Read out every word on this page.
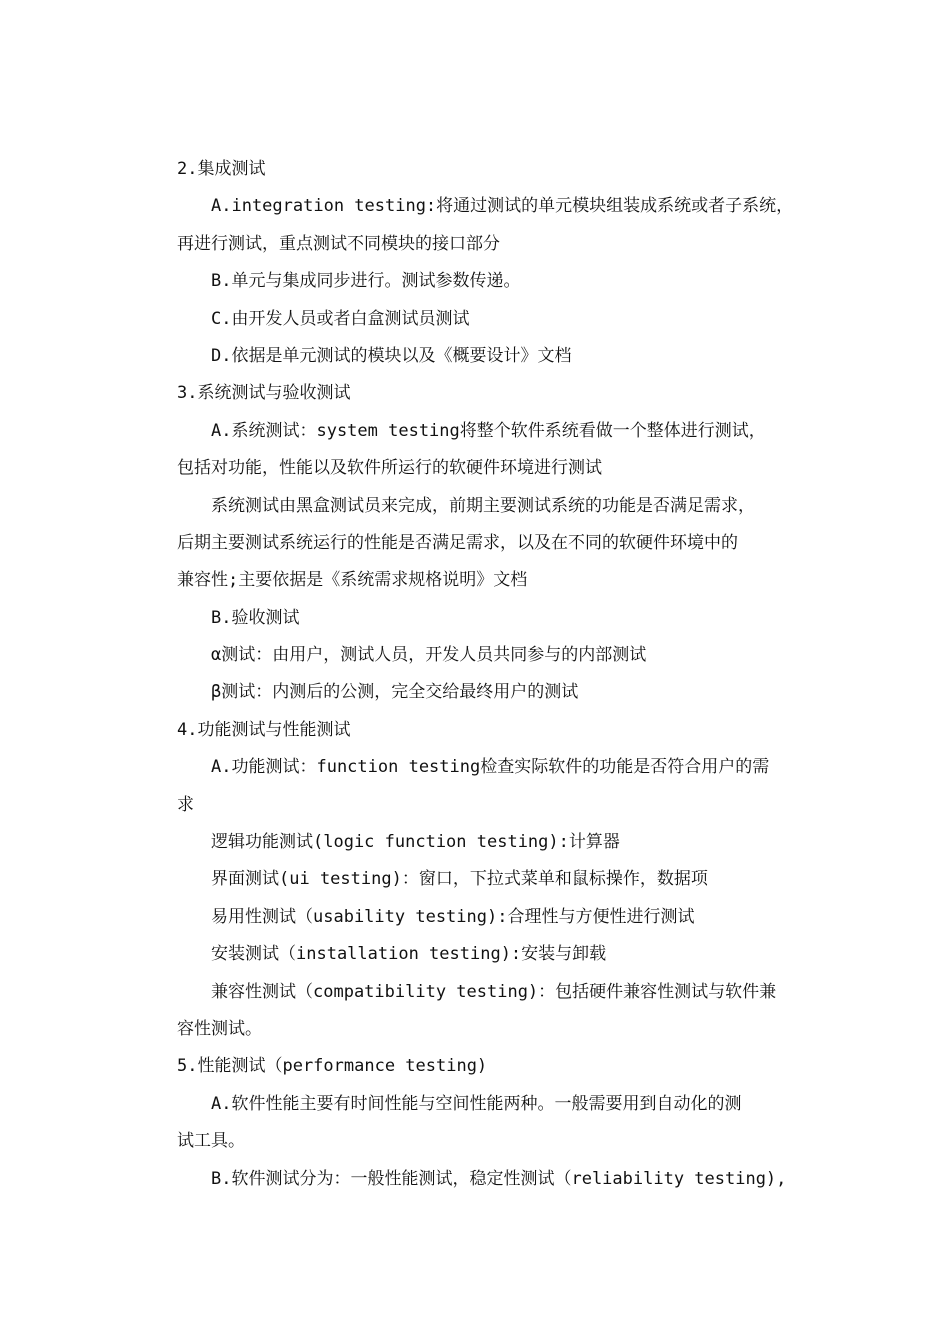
2.集成测试

A.integration testing:将通过测试的单元模块组装成系统或者子系统，

再进行测试，重点测试不同模块的接口部分

B.单元与集成同步进行。测试参数传递。

C.由开发人员或者白盒测试员测试

D.依据是单元测试的模块以及《概要设计》文档

3.系统测试与验收测试

A.系统测试：system testing将整个软件系统看做一个整体进行测试，

包括对功能，性能以及软件所运行的软硬件环境进行测试

系统测试由黑盒测试员来完成，前期主要测试系统的功能是否满足需求，

后期主要测试系统运行的性能是否满足需求，以及在不同的软硬件环境中的

兼容性;主要依据是《系统需求规格说明》文档

B.验收测试

α测试：由用户，测试人员，开发人员共同参与的内部测试

β测试：内测后的公测，完全交给最终用户的测试

4.功能测试与性能测试

A.功能测试：function testing检查实际软件的功能是否符合用户的需

求

逻辑功能测试(logic function testing):计算器

界面测试(ui testing)：窗口，下拉式菜单和鼠标操作，数据项

易用性测试（usability testing):合理性与方便性进行测试

安装测试（installation testing):安装与卸载

兼容性测试（compatibility testing)：包括硬件兼容性测试与软件兼

容性测试。

5.性能测试（performance testing)

A.软件性能主要有时间性能与空间性能两种。一般需要用到自动化的测

试工具。

B.软件测试分为：一般性能测试，稳定性测试（reliability testing),
